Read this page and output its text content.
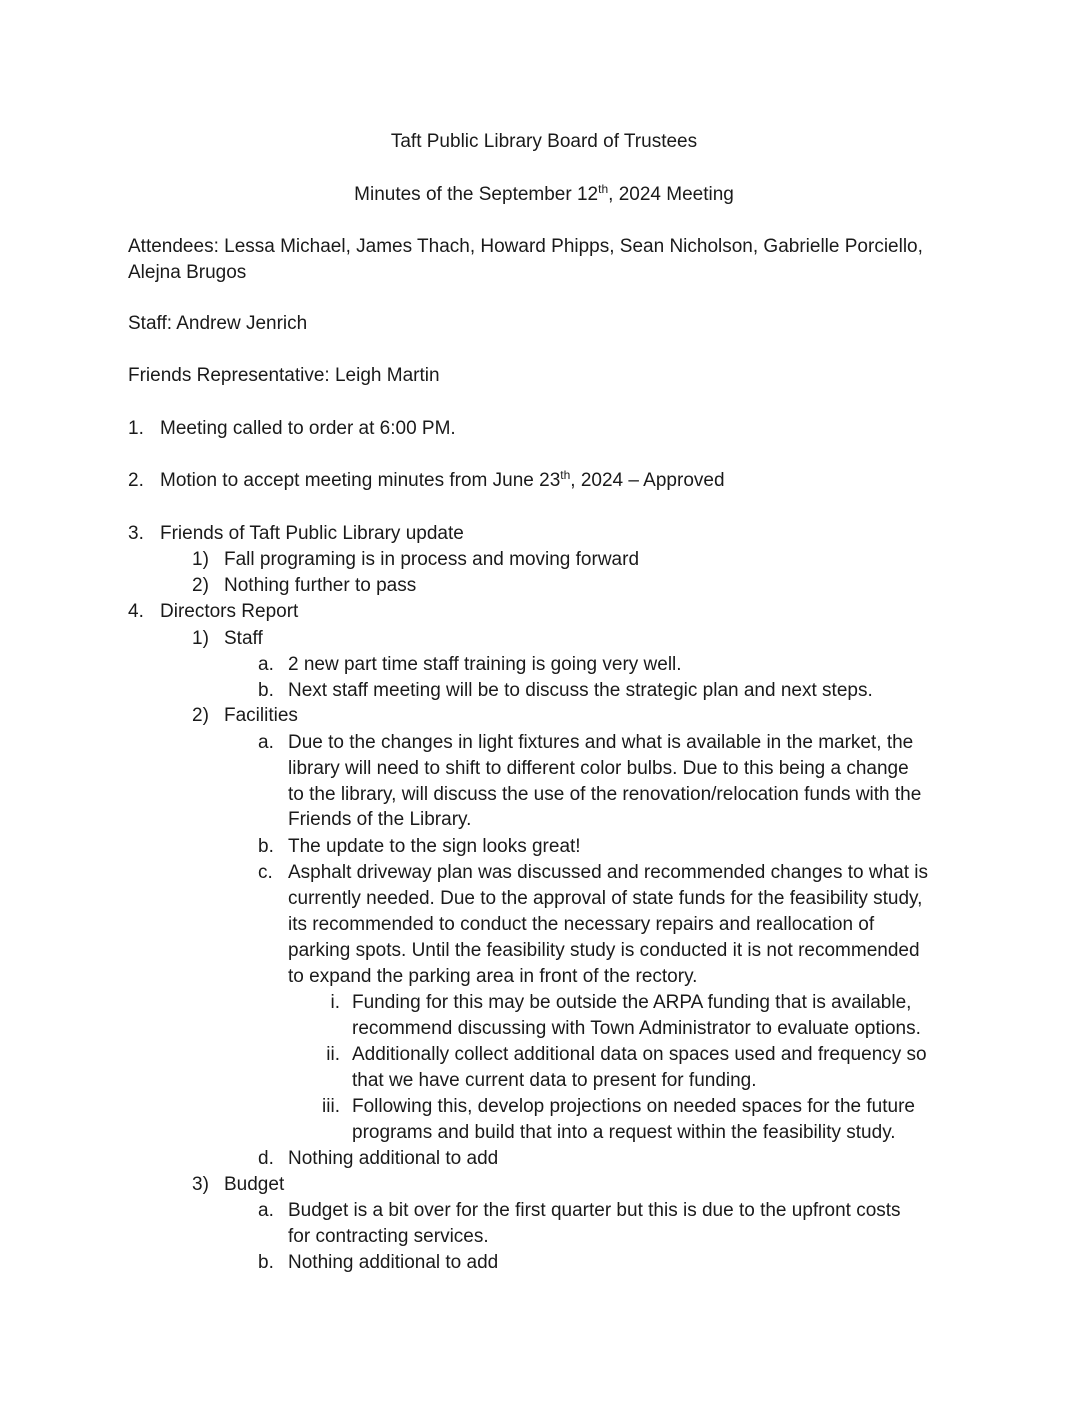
Taft Public Library Board of Trustees
Minutes of the September 12th, 2024 Meeting
Attendees: Lessa Michael, James Thach, Howard Phipps, Sean Nicholson, Gabrielle Porciello,
Alejna Brugos
Staff: Andrew Jenrich
Friends Representative: Leigh Martin
1. Meeting called to order at 6:00 PM.
2. Motion to accept meeting minutes from June 23th, 2024 – Approved
3. Friends of Taft Public Library update
1) Fall programing is in process and moving forward
2) Nothing further to pass
4. Directors Report
1) Staff
a. 2 new part time staff training is going very well.
b. Next staff meeting will be to discuss the strategic plan and next steps.
2) Facilities
a. Due to the changes in light fixtures and what is available in the market, the
library will need to shift to different color bulbs. Due to this being a change
to the library, will discuss the use of the renovation/relocation funds with the
Friends of the Library.
b. The update to the sign looks great!
c. Asphalt driveway plan was discussed and recommended changes to what is
currently needed. Due to the approval of state funds for the feasibility study,
its recommended to conduct the necessary repairs and reallocation of
parking spots. Until the feasibility study is conducted it is not recommended
to expand the parking area in front of the rectory.
i. Funding for this may be outside the ARPA funding that is available,
recommend discussing with Town Administrator to evaluate options.
ii. Additionally collect additional data on spaces used and frequency so
that we have current data to present for funding.
iii. Following this, develop projections on needed spaces for the future
programs and build that into a request within the feasibility study.
d. Nothing additional to add
3) Budget
a. Budget is a bit over for the first quarter but this is due to the upfront costs
for contracting services.
b. Nothing additional to add
